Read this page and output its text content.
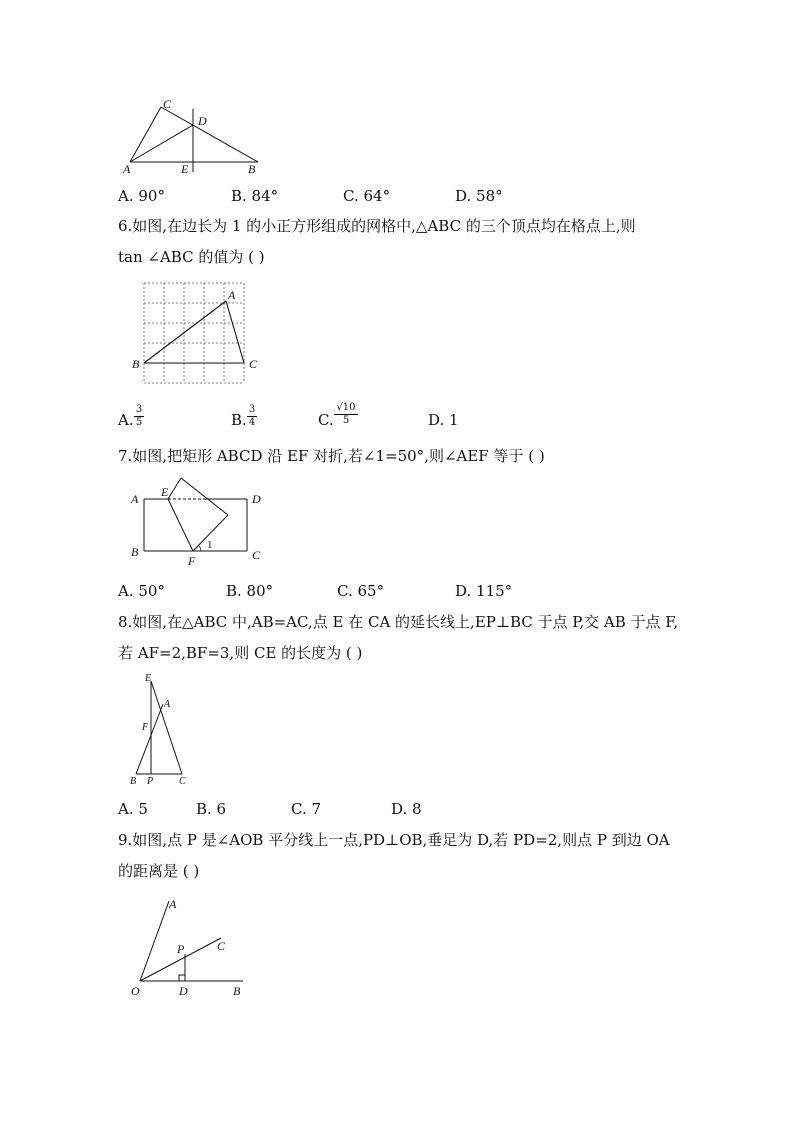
C
D
A	E	B
A. 90°	B. 84°	C. 64°	D. 58°
6.如图,在边长为 1 的小正方形组成的网格中,△ABC 的三个顶点均在格点上,则
tan ∠ABC 的值为 ( )
A
B	C
A.
3
5	B.
3
4	C.
√10
5	D. 1
7.如图,把矩形 ABCD 沿 EF 对折,若∠1=50°,则∠AEF 等于 ( )
A E	D
B
F	C
1
A. 50°	B. 80°	C. 65°	D. 115°
8.如图,在△ABC 中,AB=AC,点 E 在 CA 的延长线上,EP⊥BC 于点 P,交 AB 于点 F,
若 AF=2,BF=3,则 CE 的长度为 ( )
E
A
F
B P	C
A. 5	B. 6	C. 7	D. 8
9.如图,点 P 是∠AOB 平分线上一点,PD⊥OB,垂足为 D,若 PD=2,则点 P 到边 OA
的距离是 ( )
A
C
P
O	D	B
